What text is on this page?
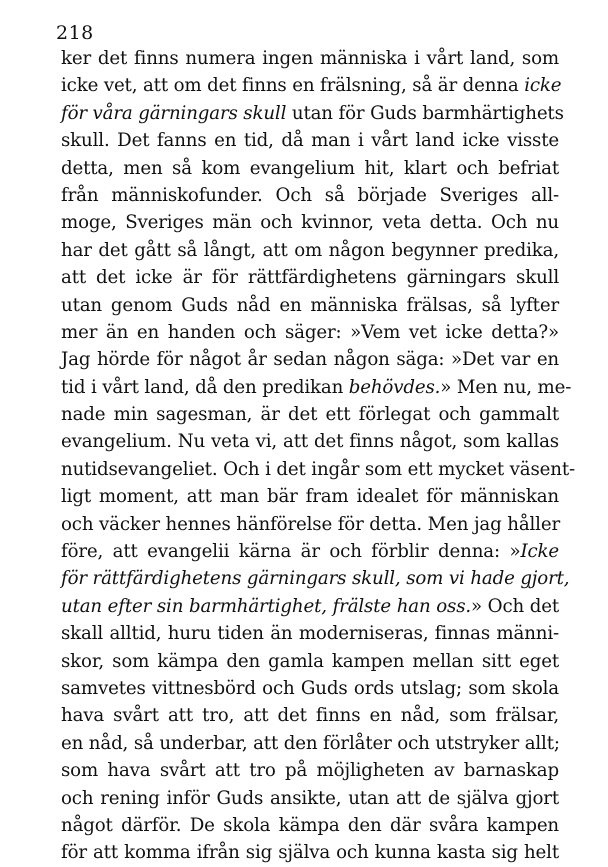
218
ker det finns numera ingen människa i vårt land, som
icke vet, att om det finns en frälsning, så är denna icke
för våra gärningars skull utan för Guds barmhärtighets
skull. Det fanns en tid, då man i vårt land icke visste
detta, men så kom evangelium hit, klart och befriat
från människofunder. Och så började Sveriges all-
moge, Sveriges män och kvinnor, veta detta. Och nu
har det gått så långt, att om någon begynner predika,
att det icke är för rättfärdighetens gärningars skull
utan genom Guds nåd en människa frälsas, så lyfter
mer än en handen och säger: »Vem vet icke detta?»
Jag hörde för något år sedan någon säga: »Det var en
tid i vårt land, då den predikan behövdes.» Men nu, me-
nade min sagesman, är det ett förlegat och gammalt
evangelium. Nu veta vi, att det finns något, som kallas
nutidsevangeliet. Och i det ingår som ett mycket väsent-
ligt moment, att man bär fram idealet för människan
och väcker hennes hänförelse för detta. Men jag håller
före, att evangelii kärna är och förblir denna: »Icke
för rättfärdighetens gärningars skull, som vi hade gjort,
utan efter sin barmhärtighet, frälste han oss.» Och det
skall alltid, huru tiden än moderniseras, finnas männi-
skor, som kämpa den gamla kampen mellan sitt eget
samvetes vittnesbörd och Guds ords utslag; som skola
hava svårt att tro, att det finns en nåd, som frälsar,
en nåd, så underbar, att den förlåter och utstryker allt;
som hava svårt att tro på möjligheten av barnaskap
och rening inför Guds ansikte, utan att de själva gjort
något därför. De skola kämpa den där svåra kampen
för att komma ifrån sig själva och kunna kasta sig helt
